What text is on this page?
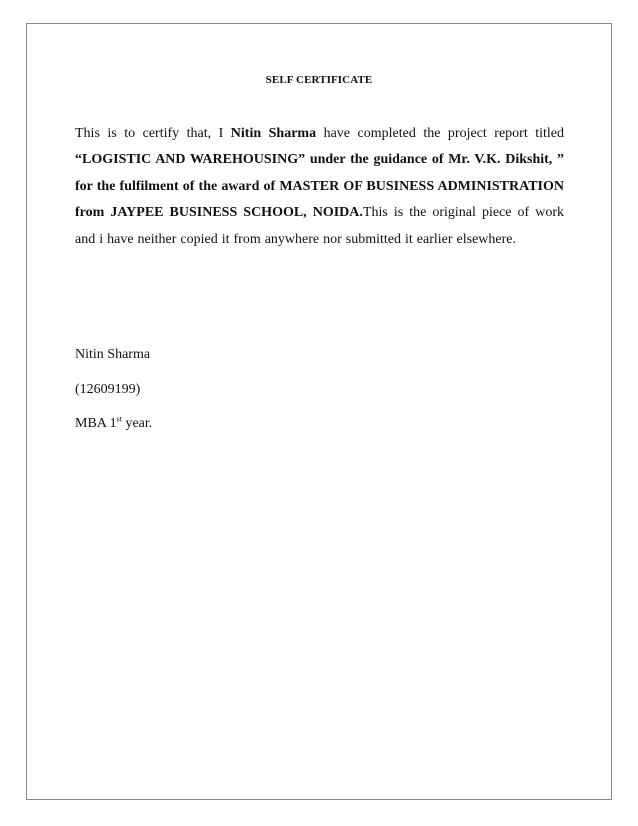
SELF CERTIFICATE
This is to certify that, I Nitin Sharma have completed the project report titled “LOGISTIC AND WAREHOUSING” under the guidance of Mr. V.K. Dikshit, ” for the fulfilment of the award of MASTER OF BUSINESS ADMINISTRATION from JAYPEE BUSINESS SCHOOL, NOIDA.This is the original piece of work and i have neither copied it from anywhere nor submitted it earlier elsewhere.
Nitin Sharma
(12609199)
MBA 1st year.
